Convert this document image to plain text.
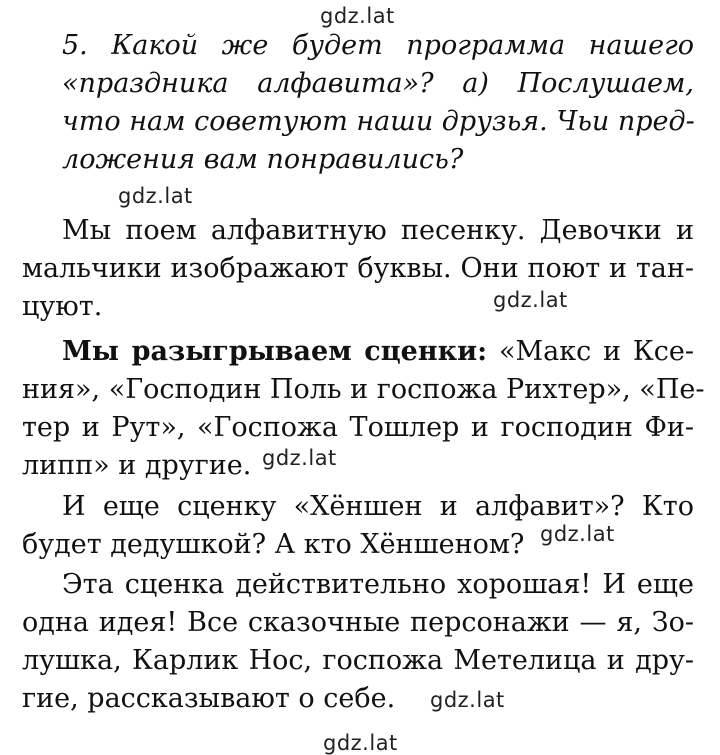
gdz.lat
gdz.lat
gdz.lat
gdz.lat
gdz.lat
gdz.lat
gdz.lat
5. Какой же будет программа нашего
«праздника алфавита»? а) Послушаем,
что нам советуют наши друзья. Чьи пред-
ложения вам понравились?
Мы поем алфавитную песенку. Девочки и
мальчики изображают буквы. Они поют и тан-
цуют.
Мы разыгрываем сценки: «Макс и Ксе-
ния», «Господин Поль и госпожа Рихтер», «Пе-
тер и Рут», «Госпожа Тошлер и господин Фи-
липп» и другие.
И еще сценку «Хёншен и алфавит»? Кто
будет дедушкой? А кто Хёншеном?
Эта сценка действительно хорошая! И еще
одна идея! Все сказочные персонажи — я, Зо-
лушка, Карлик Нос, госпожа Метелица и дру-
гие, рассказывают о себе.
